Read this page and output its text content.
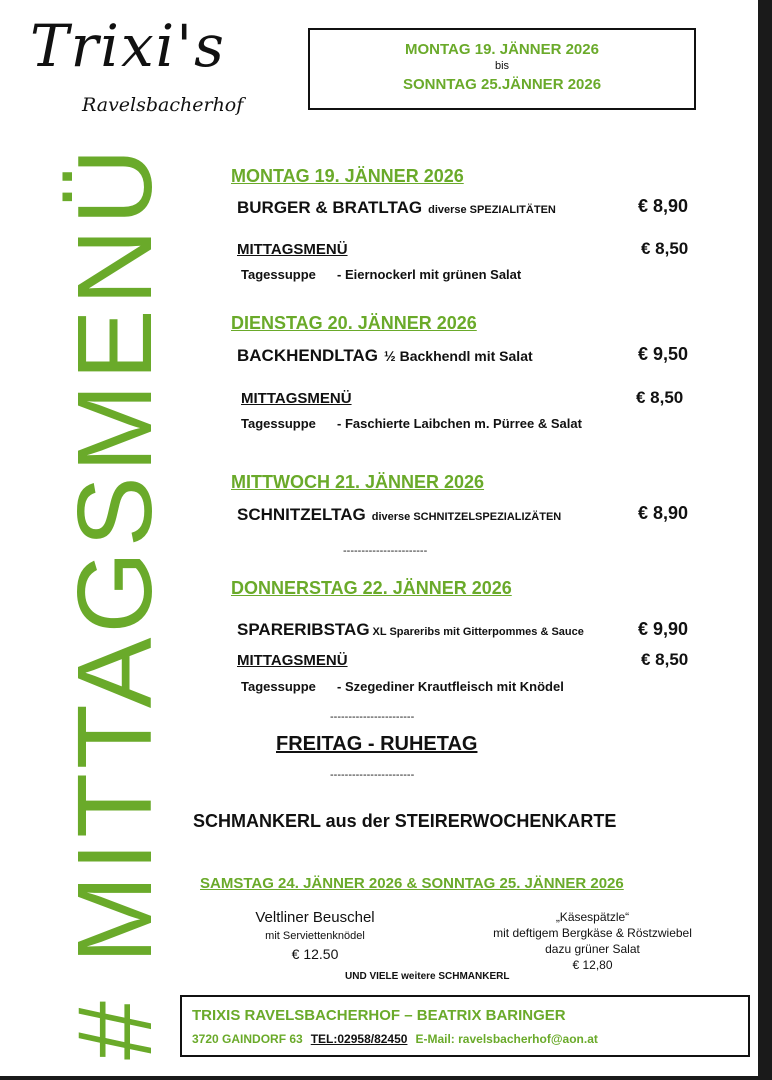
Trixi's
Ravelsbacherhof
MONTAG 19. JÄNNER 2026
bis
SONNTAG 25.JÄNNER 2026
# MITTAGSMENÜ	MONTAG 19. JÄNNER 2026
BURGER & BRATLTAG diverse SPEZIALITÄTEN	€ 8,90
MITTAGSMENÜ	€ 8,50
Tagessuppe - Eiernockerl mit grünen Salat
DIENSTAG 20. JÄNNER 2026
BACKHENDLTAG ½ Backhendl mit Salat	€ 9,50
MITTAGSMENÜ	€ 8,50
Tagessuppe - Faschierte Laibchen m. Pürree & Salat
MITTWOCH 21. JÄNNER 2026
SCHNITZELTAG diverse SCHNITZELSPEZIALIZÄTEN	€ 8,90
-----------------------
DONNERSTAG 22. JÄNNER 2026
SPARERIBSTAG XL Spareribs mit Gitterpommes & Sauce	€ 9,90
MITTAGSMENÜ	€ 8,50
Tagessuppe - Szegediner Krautfleisch mit Knödel
-----------------------
FREITAG - RUHETAG
-----------------------
SCHMANKERL aus der STEIRERWOCHENKARTE
SAMSTAG 24. JÄNNER 2026 & SONNTAG 25. JÄNNER 2026
Veltliner Beuschel
mit Serviettenknödel
€ 12.50
„Käsespätzle“
mit deftigem Bergkäse & Röstzwiebel
dazu grüner Salat
€ 12,80
UND VIELE weitere SCHMANKERL
TRIXIS RAVELSBACHERHOF – BEATRIX BARINGER
3720 GAINDORF 63 TEL:02958/82450 E-Mail: ravelsbacherhof@aon.at
